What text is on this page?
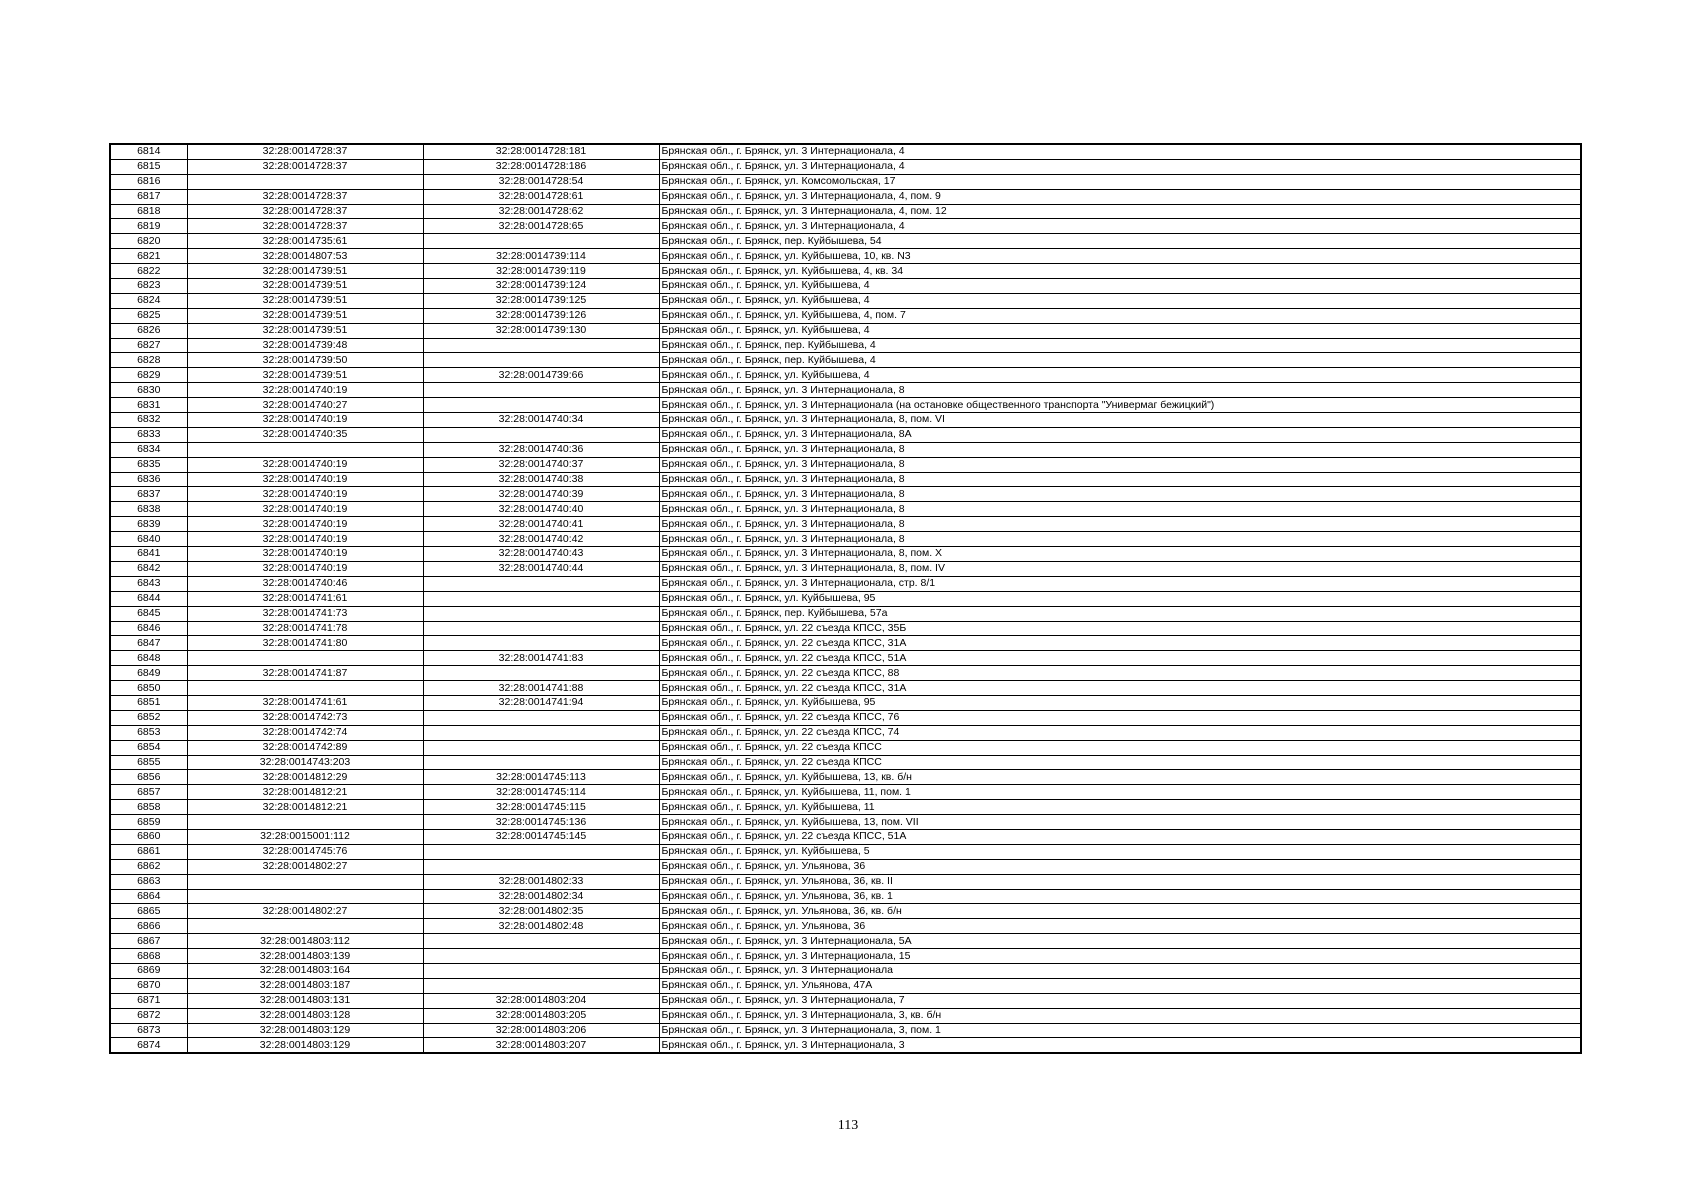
6814	32:28:0014728:37	32:28:0014728:181	Брянская обл., г. Брянск, ул. 3 Интернационала, 4
6815	32:28:0014728:37	32:28:0014728:186	Брянская обл., г. Брянск, ул. 3 Интернационала, 4
6816		32:28:0014728:54	Брянская обл., г. Брянск, ул. Комсомольская, 17
6817	32:28:0014728:37	32:28:0014728:61	Брянская обл., г. Брянск, ул. 3 Интернационала, 4, пом. 9
6818	32:28:0014728:37	32:28:0014728:62	Брянская обл., г. Брянск, ул. 3 Интернационала, 4, пом. 12
6819	32:28:0014728:37	32:28:0014728:65	Брянская обл., г. Брянск, ул. 3 Интернационала, 4
6820	32:28:0014735:61		Брянская обл., г. Брянск, пер. Куйбышева, 54
6821	32:28:0014807:53	32:28:0014739:114	Брянская обл., г. Брянск, ул. Куйбышева, 10, кв. N3
6822	32:28:0014739:51	32:28:0014739:119	Брянская обл., г. Брянск, ул. Куйбышева, 4, кв. 34
6823	32:28:0014739:51	32:28:0014739:124	Брянская обл., г. Брянск, ул. Куйбышева, 4
6824	32:28:0014739:51	32:28:0014739:125	Брянская обл., г. Брянск, ул. Куйбышева, 4
6825	32:28:0014739:51	32:28:0014739:126	Брянская обл., г. Брянск, ул. Куйбышева, 4, пом. 7
6826	32:28:0014739:51	32:28:0014739:130	Брянская обл., г. Брянск, ул. Куйбышева, 4
6827	32:28:0014739:48		Брянская обл., г. Брянск, пер. Куйбышева, 4
6828	32:28:0014739:50		Брянская обл., г. Брянск, пер. Куйбышева, 4
6829	32:28:0014739:51	32:28:0014739:66	Брянская обл., г. Брянск, ул. Куйбышева, 4
6830	32:28:0014740:19		Брянская обл., г. Брянск, ул. 3 Интернационала, 8
6831	32:28:0014740:27		Брянская обл., г. Брянск, ул. 3 Интернационала (на остановке общественного транспорта "Универмаг бежицкий")
6832	32:28:0014740:19	32:28:0014740:34	Брянская обл., г. Брянск, ул. 3 Интернационала, 8, пом. VI
6833	32:28:0014740:35		Брянская обл., г. Брянск, ул. 3 Интернационала, 8А
6834		32:28:0014740:36	Брянская обл., г. Брянск, ул. 3 Интернационала, 8
6835	32:28:0014740:19	32:28:0014740:37	Брянская обл., г. Брянск, ул. 3 Интернационала, 8
6836	32:28:0014740:19	32:28:0014740:38	Брянская обл., г. Брянск, ул. 3 Интернационала, 8
6837	32:28:0014740:19	32:28:0014740:39	Брянская обл., г. Брянск, ул. 3 Интернационала, 8
6838	32:28:0014740:19	32:28:0014740:40	Брянская обл., г. Брянск, ул. 3 Интернационала, 8
6839	32:28:0014740:19	32:28:0014740:41	Брянская обл., г. Брянск, ул. 3 Интернационала, 8
6840	32:28:0014740:19	32:28:0014740:42	Брянская обл., г. Брянск, ул. 3 Интернационала, 8
6841	32:28:0014740:19	32:28:0014740:43	Брянская обл., г. Брянск, ул. 3 Интернационала, 8, пом. X
6842	32:28:0014740:19	32:28:0014740:44	Брянская обл., г. Брянск, ул. 3 Интернационала, 8, пом. IV
6843	32:28:0014740:46		Брянская обл., г. Брянск, ул. 3 Интернационала, стр. 8/1
6844	32:28:0014741:61		Брянская обл., г. Брянск, ул. Куйбышева, 95
6845	32:28:0014741:73		Брянская обл., г. Брянск, пер. Куйбышева, 57а
6846	32:28:0014741:78		Брянская обл., г. Брянск, ул. 22 съезда КПСС, 35Б
6847	32:28:0014741:80		Брянская обл., г. Брянск, ул. 22 съезда КПСС, 31А
6848		32:28:0014741:83	Брянская обл., г. Брянск, ул. 22 съезда КПСС, 51А
6849	32:28:0014741:87		Брянская обл., г. Брянск, ул. 22 съезда КПСС, 88
6850		32:28:0014741:88	Брянская обл., г. Брянск, ул. 22 съезда КПСС, 31А
6851	32:28:0014741:61	32:28:0014741:94	Брянская обл., г. Брянск, ул. Куйбышева, 95
6852	32:28:0014742:73		Брянская обл., г. Брянск, ул. 22 съезда КПСС, 76
6853	32:28:0014742:74		Брянская обл., г. Брянск, ул. 22 съезда КПСС, 74
6854	32:28:0014742:89		Брянская обл., г. Брянск, ул. 22 съезда КПСС
6855	32:28:0014743:203		Брянская обл., г. Брянск, ул. 22 съезда КПСС
6856	32:28:0014812:29	32:28:0014745:113	Брянская обл., г. Брянск, ул. Куйбышева, 13, кв. б/н
6857	32:28:0014812:21	32:28:0014745:114	Брянская обл., г. Брянск, ул. Куйбышева, 11, пом. 1
6858	32:28:0014812:21	32:28:0014745:115	Брянская обл., г. Брянск, ул. Куйбышева, 11
6859		32:28:0014745:136	Брянская обл., г. Брянск, ул. Куйбышева, 13, пом. VII
6860	32:28:0015001:112	32:28:0014745:145	Брянская обл., г. Брянск, ул. 22 съезда КПСС, 51А
6861	32:28:0014745:76		Брянская обл., г. Брянск, ул. Куйбышева, 5
6862	32:28:0014802:27		Брянская обл., г. Брянск, ул. Ульянова, 36
6863		32:28:0014802:33	Брянская обл., г. Брянск, ул. Ульянова, 36, кв. II
6864		32:28:0014802:34	Брянская обл., г. Брянск, ул. Ульянова, 36, кв. 1
6865	32:28:0014802:27	32:28:0014802:35	Брянская обл., г. Брянск, ул. Ульянова, 36, кв. б/н
6866		32:28:0014802:48	Брянская обл., г. Брянск, ул. Ульянова, 36
6867	32:28:0014803:112		Брянская обл., г. Брянск, ул. 3 Интернационала, 5А
6868	32:28:0014803:139		Брянская обл., г. Брянск, ул. 3 Интернационала, 15
6869	32:28:0014803:164		Брянская обл., г. Брянск, ул. 3 Интернационала
6870	32:28:0014803:187		Брянская обл., г. Брянск, ул. Ульянова, 47А
6871	32:28:0014803:131	32:28:0014803:204	Брянская обл., г. Брянск, ул. 3 Интернационала, 7
6872	32:28:0014803:128	32:28:0014803:205	Брянская обл., г. Брянск, ул. 3 Интернационала, 3, кв. б/н
6873	32:28:0014803:129	32:28:0014803:206	Брянская обл., г. Брянск, ул. 3 Интернационала, 3, пом. 1
6874	32:28:0014803:129	32:28:0014803:207	Брянская обл., г. Брянск, ул. 3 Интернационала, 3
113
